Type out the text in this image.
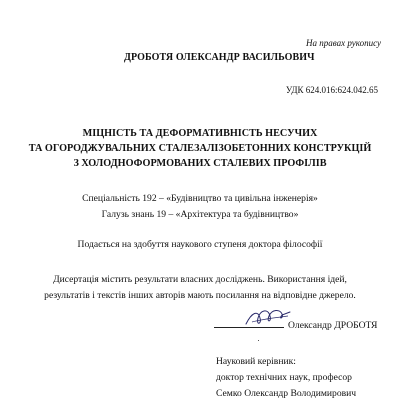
На правах рукопису
ДРОБОТЯ ОЛЕКСАНДР ВАСИЛЬОВИЧ
УДК 624.016:624.042.65
МІЦНІСТЬ ТА ДЕФОРМАТИВНІСТЬ НЕСУЧИХ
ТА ОГОРОДЖУВАЛЬНИХ СТАЛЕЗАЛІЗОБЕТОННИХ КОНСТРУКЦІЙ
З ХОЛОДНОФОРМОВАНИХ СТАЛЕВИХ ПРОФІЛІВ
Спеціальність 192 – «Будівництво та цивільна інженерія»
Галузь знань 19 – «Архітектура та будівництво»
Подається на здобуття наукового ступеня доктора філософії
Дисертація містить результати власних досліджень. Використання ідей,
результатів і текстів інших авторів мають посилання на відповідне джерело.
Олександр ДРОБОТЯ
Науковий керівник:
доктор технічних наук, професор
Семко Олександр Володимирович
